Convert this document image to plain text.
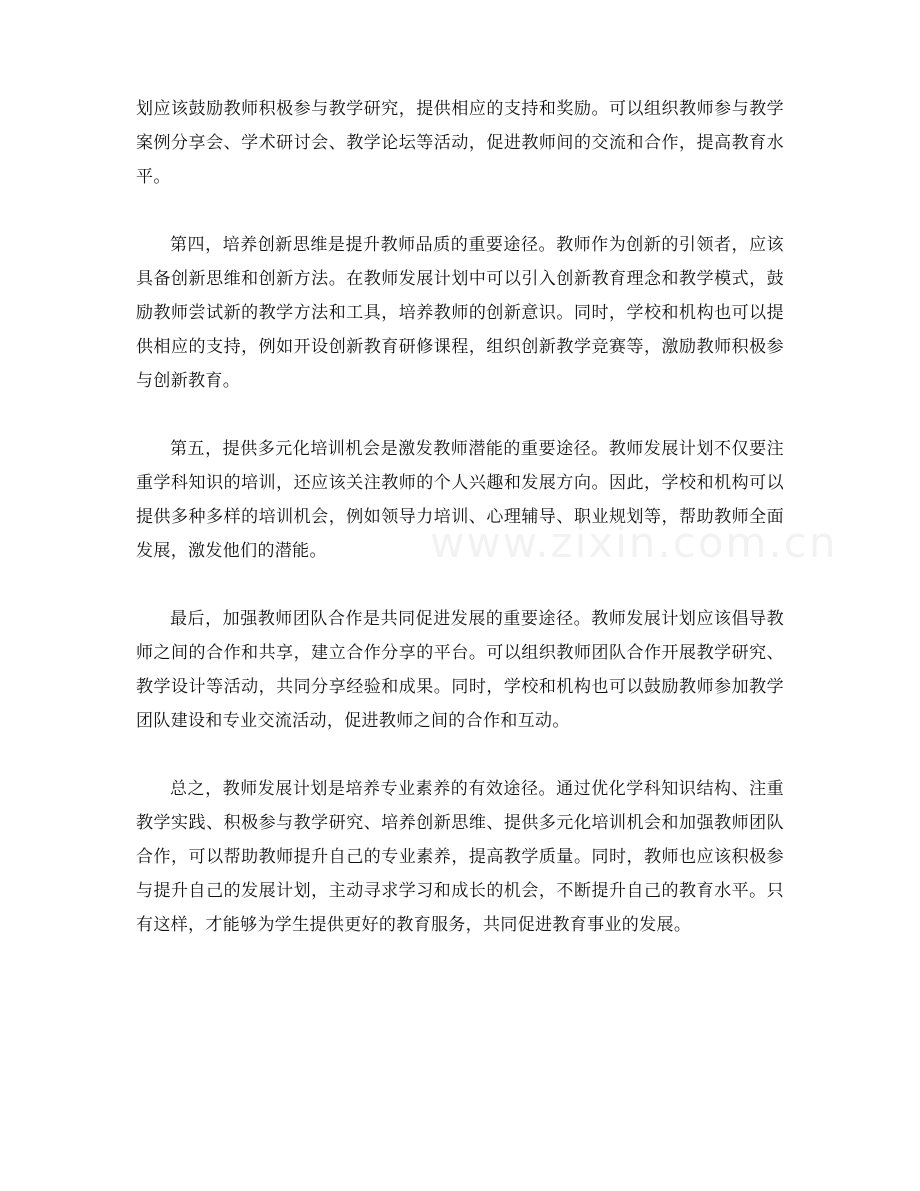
划应该鼓励教师积极参与教学研究，提供相应的支持和奖励。可以组织教师参与教学案例分享会、学术研讨会、教学论坛等活动，促进教师间的交流和合作，提高教育水平。

第四，培养创新思维是提升教师品质的重要途径。教师作为创新的引领者，应该具备创新思维和创新方法。在教师发展计划中可以引入创新教育理念和教学模式，鼓励教师尝试新的教学方法和工具，培养教师的创新意识。同时，学校和机构也可以提供相应的支持，例如开设创新教育研修课程，组织创新教学竞赛等，激励教师积极参与创新教育。

第五，提供多元化培训机会是激发教师潜能的重要途径。教师发展计划不仅要注重学科知识的培训，还应该关注教师的个人兴趣和发展方向。因此，学校和机构可以提供多种多样的培训机会，例如领导力培训、心理辅导、职业规划等，帮助教师全面发展，激发他们的潜能。

最后，加强教师团队合作是共同促进发展的重要途径。教师发展计划应该倡导教师之间的合作和共享，建立合作分享的平台。可以组织教师团队合作开展教学研究、教学设计等活动，共同分享经验和成果。同时，学校和机构也可以鼓励教师参加教学团队建设和专业交流活动，促进教师之间的合作和互动。

总之，教师发展计划是培养专业素养的有效途径。通过优化学科知识结构、注重教学实践、积极参与教学研究、培养创新思维、提供多元化培训机会和加强教师团队合作，可以帮助教师提升自己的专业素养，提高教学质量。同时，教师也应该积极参与提升自己的发展计划，主动寻求学习和成长的机会，不断提升自己的教育水平。只有这样，才能够为学生提供更好的教育服务，共同促进教育事业的发展。

www.zixin.com.cn
